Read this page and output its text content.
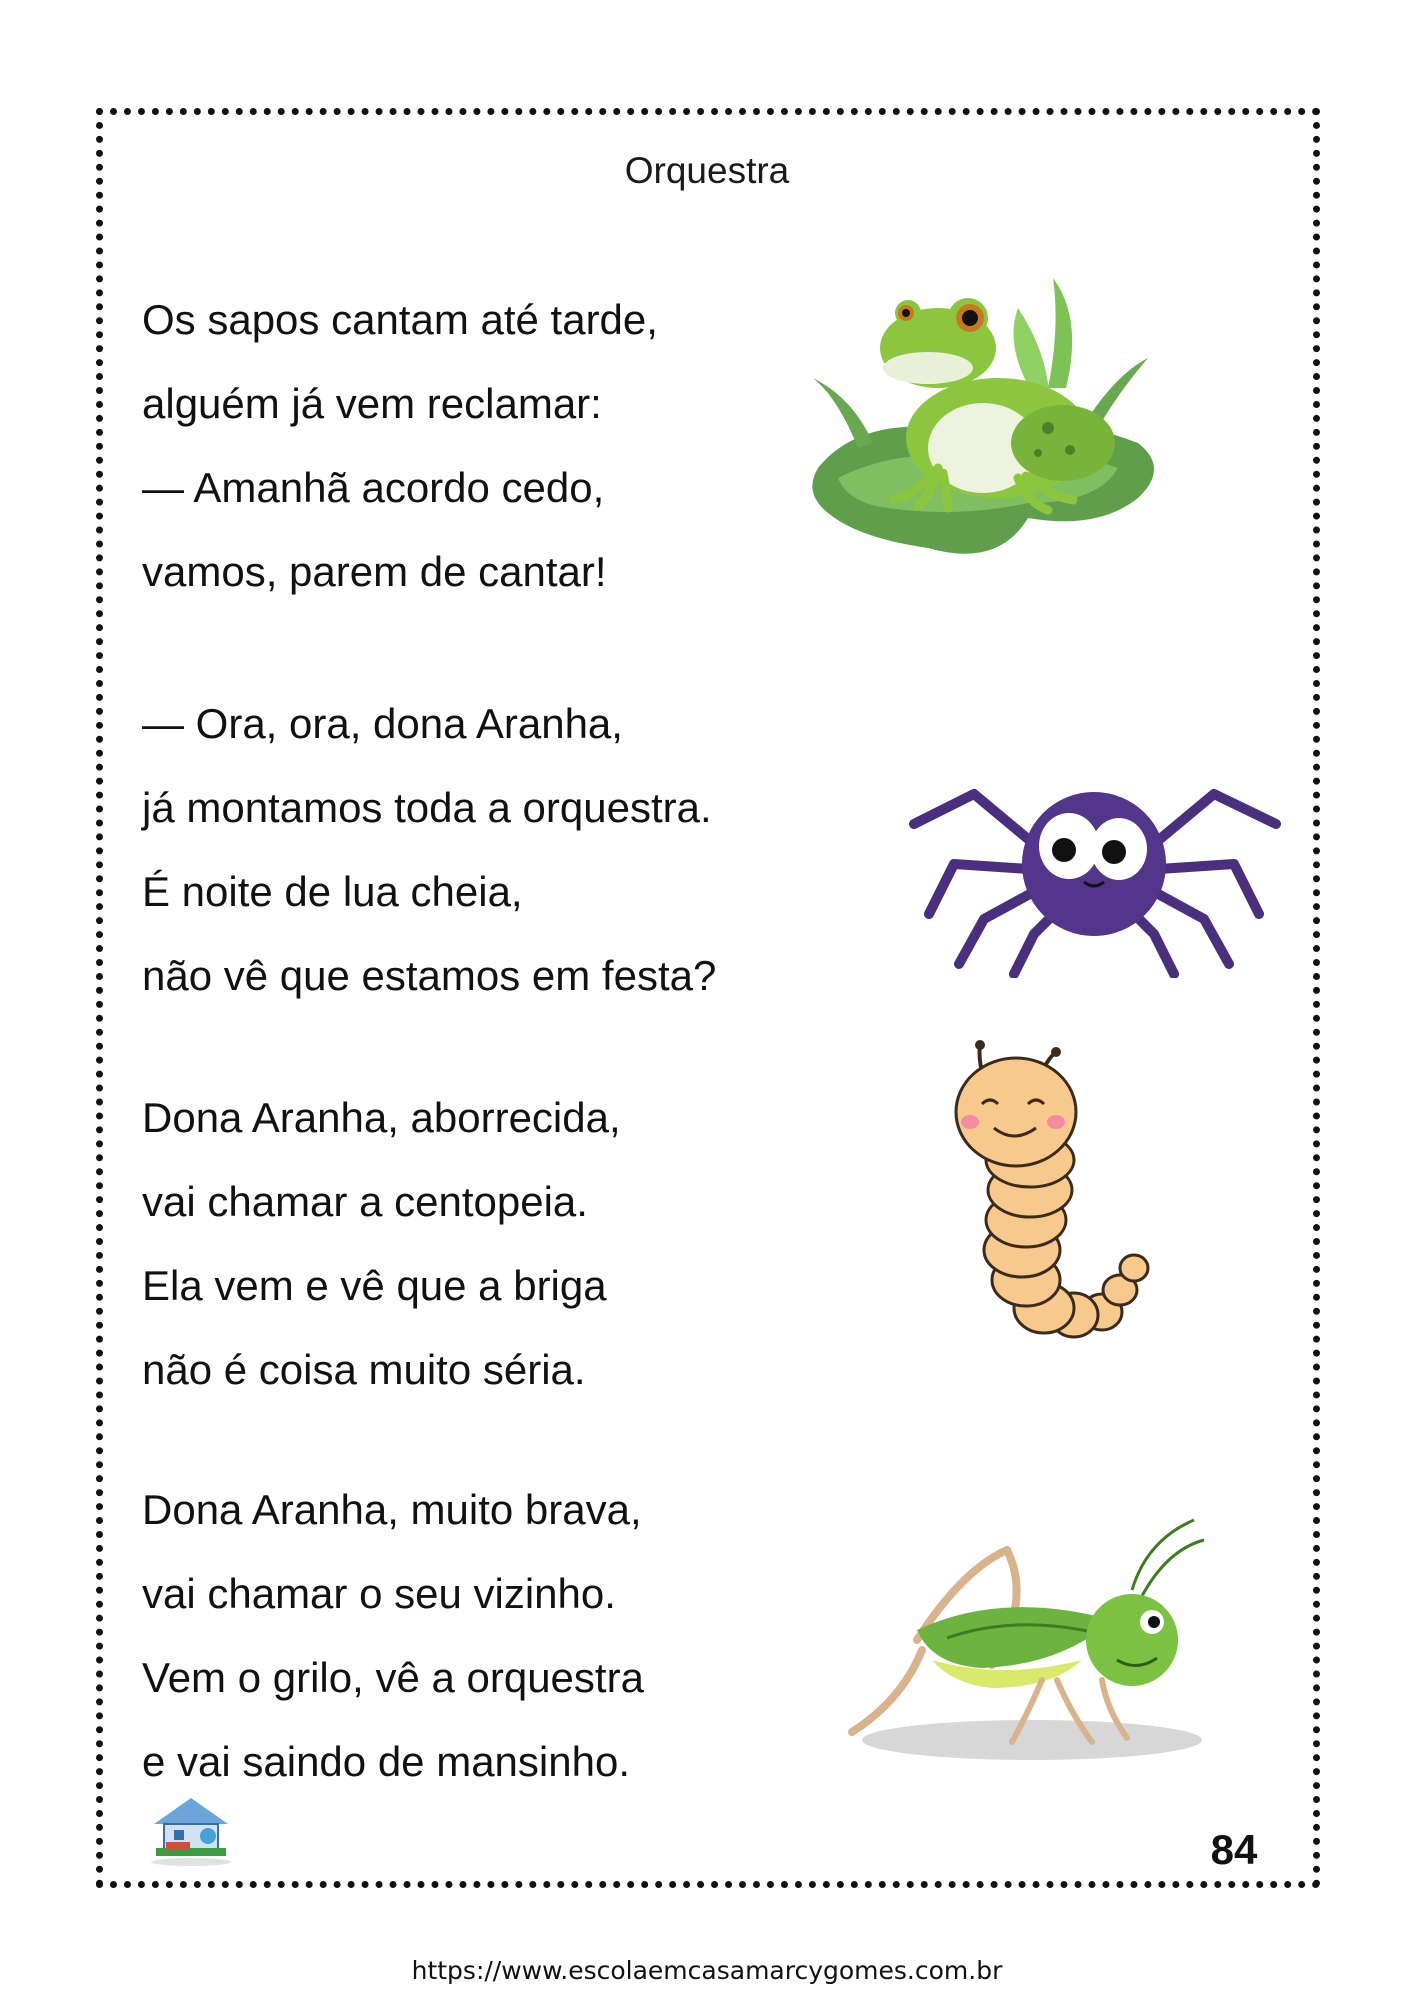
Orquestra
Os sapos cantam até tarde,
alguém já vem reclamar:
— Amanhã acordo cedo,
vamos, parem de cantar!
— Ora, ora, dona Aranha,
já montamos toda a orquestra.
É noite de lua cheia,
não vê que estamos em festa?
Dona Aranha, aborrecida,
vai chamar a centopeia.
Ela vem e vê que a briga
não é coisa muito séria.
Dona Aranha, muito brava,
vai chamar o seu vizinho.
Vem o grilo, vê a orquestra
e vai saindo de mansinho.
84
https://www.escolaemcasamarcygomes.com.br
